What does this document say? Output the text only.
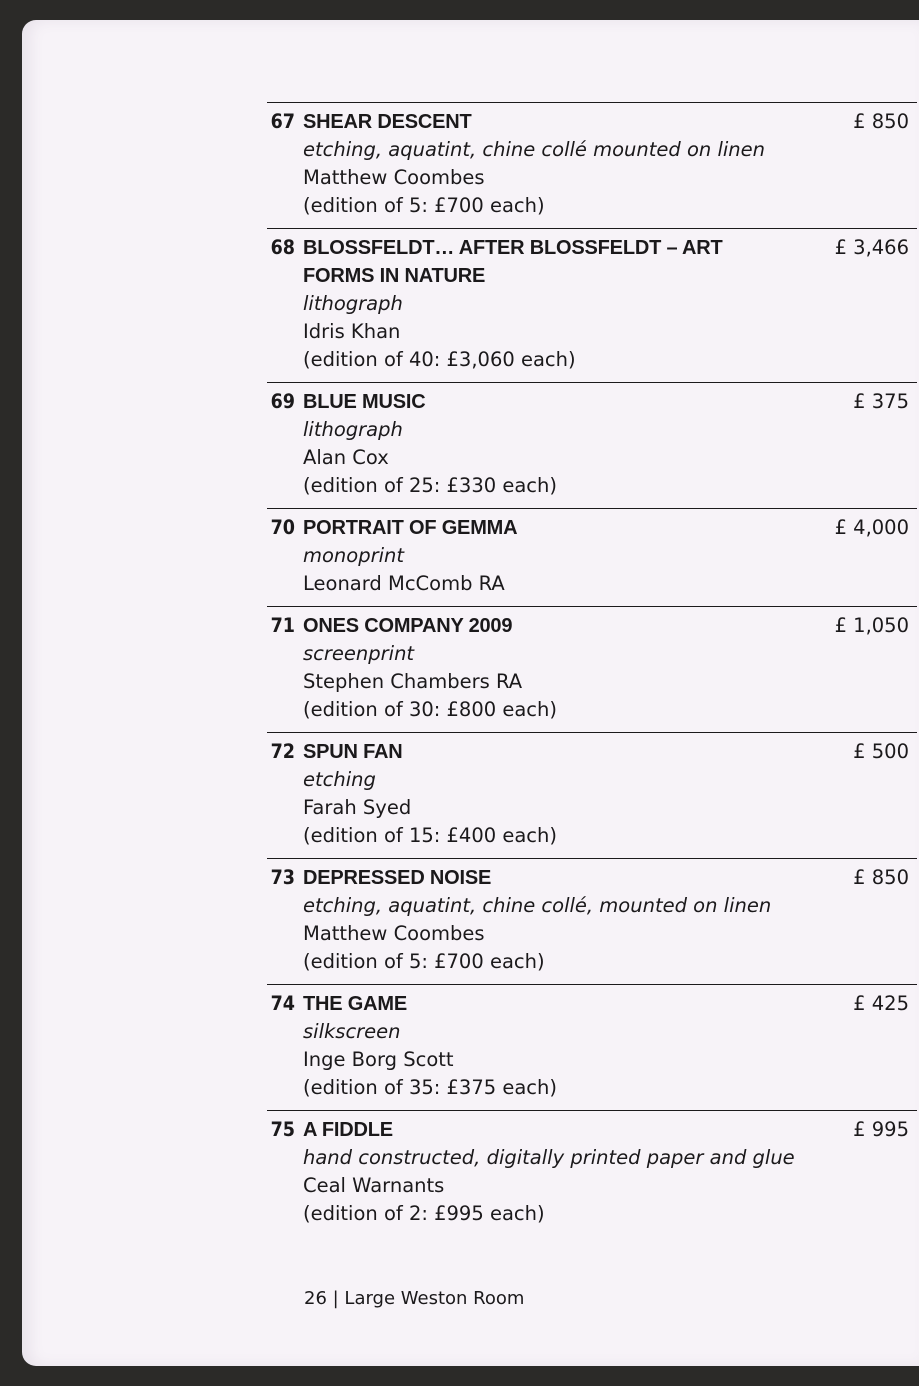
67 SHEAR DESCENT
etching, aquatint, chine collé mounted on linen
Matthew Coombes
(edition of 5: £700 each)
£ 850
68 BLOSSFELDT… AFTER BLOSSFELDT – ART FORMS IN NATURE
lithograph
Idris Khan
(edition of 40: £3,060 each)
£ 3,466
69 BLUE MUSIC
lithograph
Alan Cox
(edition of 25: £330 each)
£ 375
70 PORTRAIT OF GEMMA
monoprint
Leonard McComb RA
£ 4,000
71 ONES COMPANY 2009
screenprint
Stephen Chambers RA
(edition of 30: £800 each)
£ 1,050
72 SPUN FAN
etching
Farah Syed
(edition of 15: £400 each)
£ 500
73 DEPRESSED NOISE
etching, aquatint, chine collé, mounted on linen
Matthew Coombes
(edition of 5: £700 each)
£ 850
74 THE GAME
silkscreen
Inge Borg Scott
(edition of 35: £375 each)
£ 425
75 A FIDDLE
hand constructed, digitally printed paper and glue
Ceal Warnants
(edition of 2: £995 each)
£ 995
26 | Large Weston Room
